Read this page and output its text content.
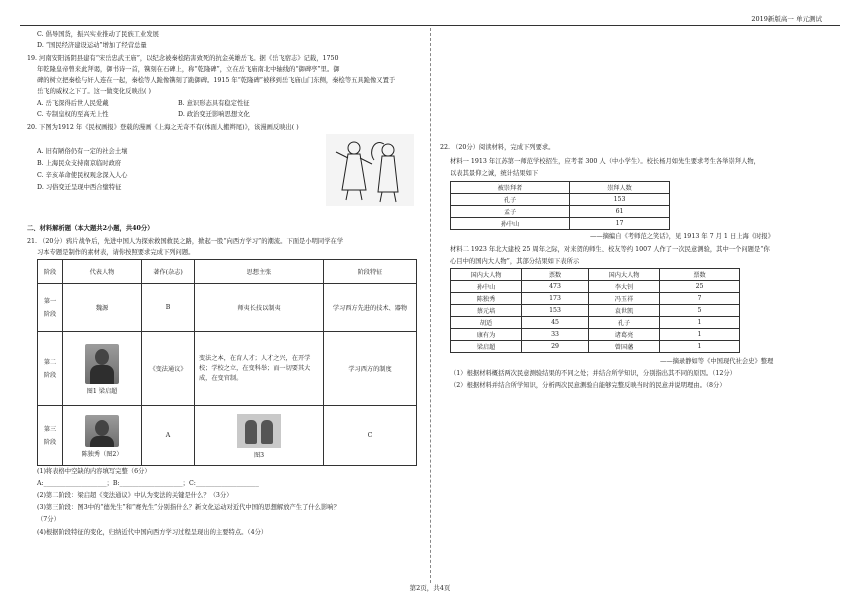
2019新版高一 单元测试
C. 倡导国货，振兴实业推动了民族工业发展
D. “国民经济建设运动”增加了经营总量
19. 河南安阳汤阴县建有“宋岳忠武王庙”，以纪念被秦桧陷害致死的抗金英雄岳飞。据《岳飞宿志》记载，1750
年乾隆皇帝曾来此拜谒，御书诗一首，镌刻在石碑上，称“乾隆碑”，立在岳飞庙南北中轴线的“御碑亭”里。御
碑的树立把秦桧与奸人连在一起，秦桧等人跪像镌刻了跪御碑。1915 年“乾隆碑”被移到岳飞庙山门东侧，秦桧等五具跪像又置于
岳飞的威权之下了。这一做变化反映出( )
A. 岳飞深得后世人民爱戴	B. 意识形态具有稳定性征
C. 专制皇权的至高无上性	D. 政治变迁影响思想文化
20. 下图为1912 年《民权画报》登载的漫画《上海之无奇不有(体面人搬辫尾)》，该漫画反映出( )
A. 旧有陋俗仍有一定的社会土壤
B. 上海民众支持南京临时政府
C. 辛亥革命使民权观念深入人心
D. 习俗变迁呈现中西合璧特征
二、材料解析题（本大题共2小题，共40分）
21. （20分）鸦片战争后，先进中国人为探索救国救民之路，掀起一股“向西方学习”的潮流。下面是小明同学在学
习本专题是制作的素材表，请你按照要求完成下列问题。
阶段	代表人物	著作(杂志)	思想主张	阶段特征
第一阶段	魏源	B	师夷长技以制夷	学习西方先进的技术、器物
第二阶段	图1 梁启超	《变法通议》	变法之本，在育人才；人才之兴，在开学校；学校之立，在变科举；而一切要其大成，在变官制。	学习西方的制度
第三阶段	陈独秀（图2）	A	图3	C
(1)将表格中空缺的内容填写完整（6分）
A:____________________；B:____________________；C:____________________
(2)第二阶段：梁启超《变法通议》中认为变法的关键是什么？（3分）
(3)第三阶段：图3中的“德先生”和“赛先生”分别指什么？新文化运动对近代中国的思想解放产生了什么影响？
（7分）
(4)根据阶段特征的变化，归纳近代中国向西方学习过程呈现出的主要特点。（4分）
22. （20分）阅读材料，完成下列要求。
材料一 1913 年江苏第一师范学校招生，应考者 300 人（中小学生）。校长杨月如先生要求考生各举崇拜人物，
以表其景仰之诚，统计结果如下
被崇拜者	崇拜人数
孔子	153
孟子	61
孙中山	17
——摘编自《考师范之笑话》，见 1913 年 7 月 1 日上海《时报》
材料二 1923 年北大建校 25 周年之际，对来贺的师生、校友等约 1007 人作了一次民意测验，其中一个问题是“你
心目中的国内大人物”，其部分结果如下表所示
国内大人物	票数	国内大人物	票数
孙中山	473	李大钊	25
陈独秀	173	冯玉祥	7
蔡元培	153	袁世凯	5
胡适	45	孔子	1
康有为	33	诸葛亮	1
梁启超	29	曾国藩	1
——摘录静如等《中国现代社会史》整理
（1）根据材料概括两次民意测验结果的不同之处；并结合所学知识，分别指出其不同的原因。（12分）
（2）根据材料并结合所学知识，分析两次民意测验自能够完整反映当时的民意并说明理由。（8分）
第2页，共4页
